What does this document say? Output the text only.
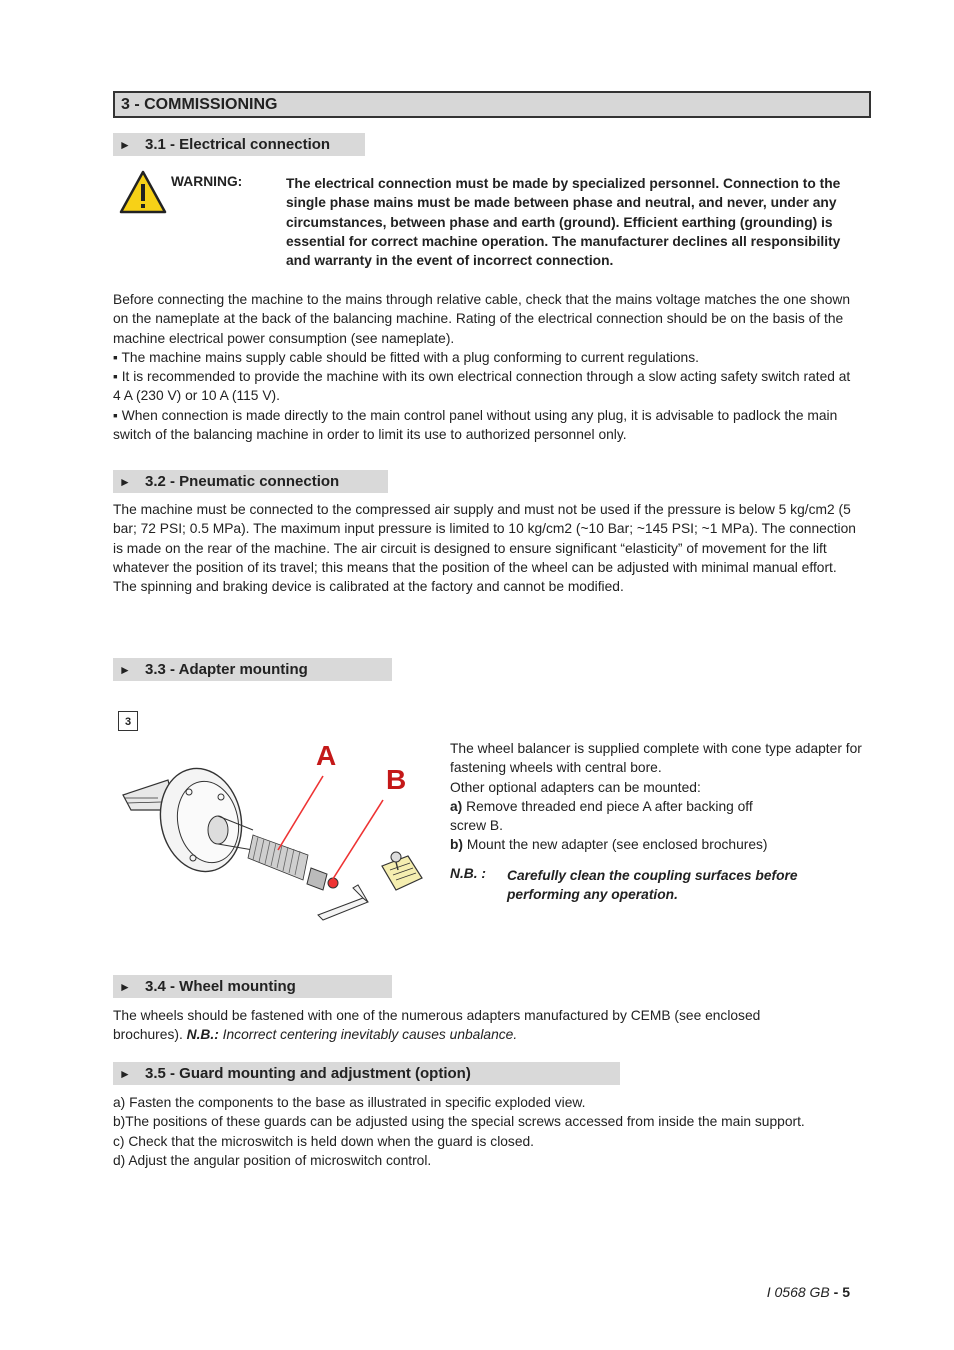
3 - COMMISSIONING
► 3.1 - Electrical connection
WARNING:	The electrical connection must be made by specialized personnel. Connection to the single phase mains must be made between phase and neutral, and never, under any circumstances, between phase and earth (ground). Efficient earthing (grounding) is essential for correct machine operation. The manufacturer declines all responsibility and warranty in the event of incorrect connection.

Before connecting the machine to the mains through relative cable, check that the mains voltage matches the one shown on the nameplate at the back of the balancing machine. Rating of the electrical connection should be on the basis of the machine electrical power consumption (see nameplate).

▪ The machine mains supply cable should be fitted with a plug conforming to current regulations.

▪ It is recommended to provide the machine with its own electrical connection through a slow acting safety switch rated at 4 A (230 V) or 10 A (115 V).

▪ When connection is made directly to the main control panel without using any plug, it is advisable to padlock the main switch of the balancing machine in order to limit its use to authorized personnel only.

► 3.2 - Pneumatic connection

The machine must be connected to the compressed air supply and must not be used if the pressure is below 5 kg/cm2 (5 bar; 72 PSI; 0.5 MPa). The maximum input pressure is limited to 10 kg/cm2 (~10 Bar; ~145 PSI; ~1 MPa). The connection is made on the rear of the machine. The air circuit is designed to ensure significant “elasticity” of movement for the lift whatever the position of its travel; this means that the position of the wheel can be adjusted with minimal manual effort. The spinning and braking device is calibrated at the factory and cannot be modified.

► 3.3 - Adapter mounting
3
A
B

The wheel balancer is supplied complete with cone type adapter for fastening wheels with central bore.

Other optional adapters can be mounted:

a) Remove threaded end piece A after backing off screw B.

b) Mount the new adapter (see enclosed brochures)

N.B. : Carefully clean the coupling surfaces before performing any operation.
► 3.4 - Wheel mounting

The wheels should be fastened with one of the numerous adapters manufactured by CEMB (see enclosed brochures). N.B.: Incorrect centering inevitably causes unbalance.

► 3.5 - Guard mounting and adjustment (option)

a) Fasten the components to the base as illustrated in specific exploded view.

b)The positions of these guards can be adjusted using the special screws accessed from inside the main support.

c) Check that the microswitch is held down when the guard is closed.

d) Adjust the angular position of microswitch control.

I 0568 GB - 5
